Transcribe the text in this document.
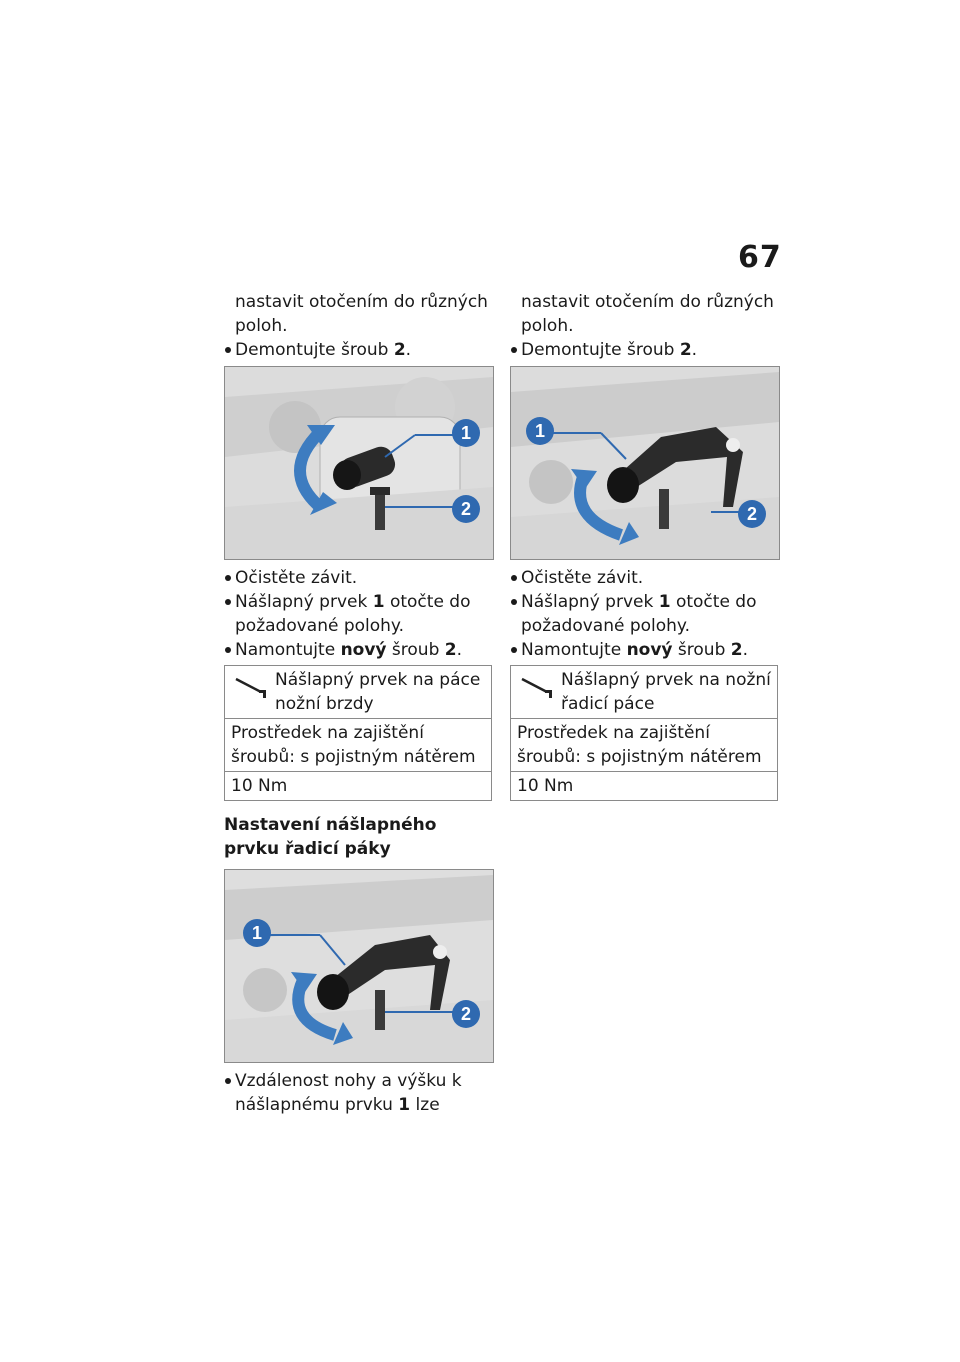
67
nastavit otočením do různých poloh.
Demontujte šroub 2.
1
2
Očistěte závit.
Nášlapný prvek 1 otočte do požadované polohy.
Namontujte nový šroub 2.
Nášlapný prvek na páce nožní brzdy
Prostředek na zajištění šroubů: s pojistným nátěrem
10 Nm
Nastavení nášlapného prvku řadicí páky
1
2
Vzdálenost nohy a výšku k nášlapnému prvku 1 lze
nastavit otočením do různých poloh.
Demontujte šroub 2.
1
2
Očistěte závit.
Nášlapný prvek 1 otočte do požadované polohy.
Namontujte nový šroub 2.
Nášlapný prvek na nožní řadicí páce
Prostředek na zajištění šroubů: s pojistným nátěrem
10 Nm
